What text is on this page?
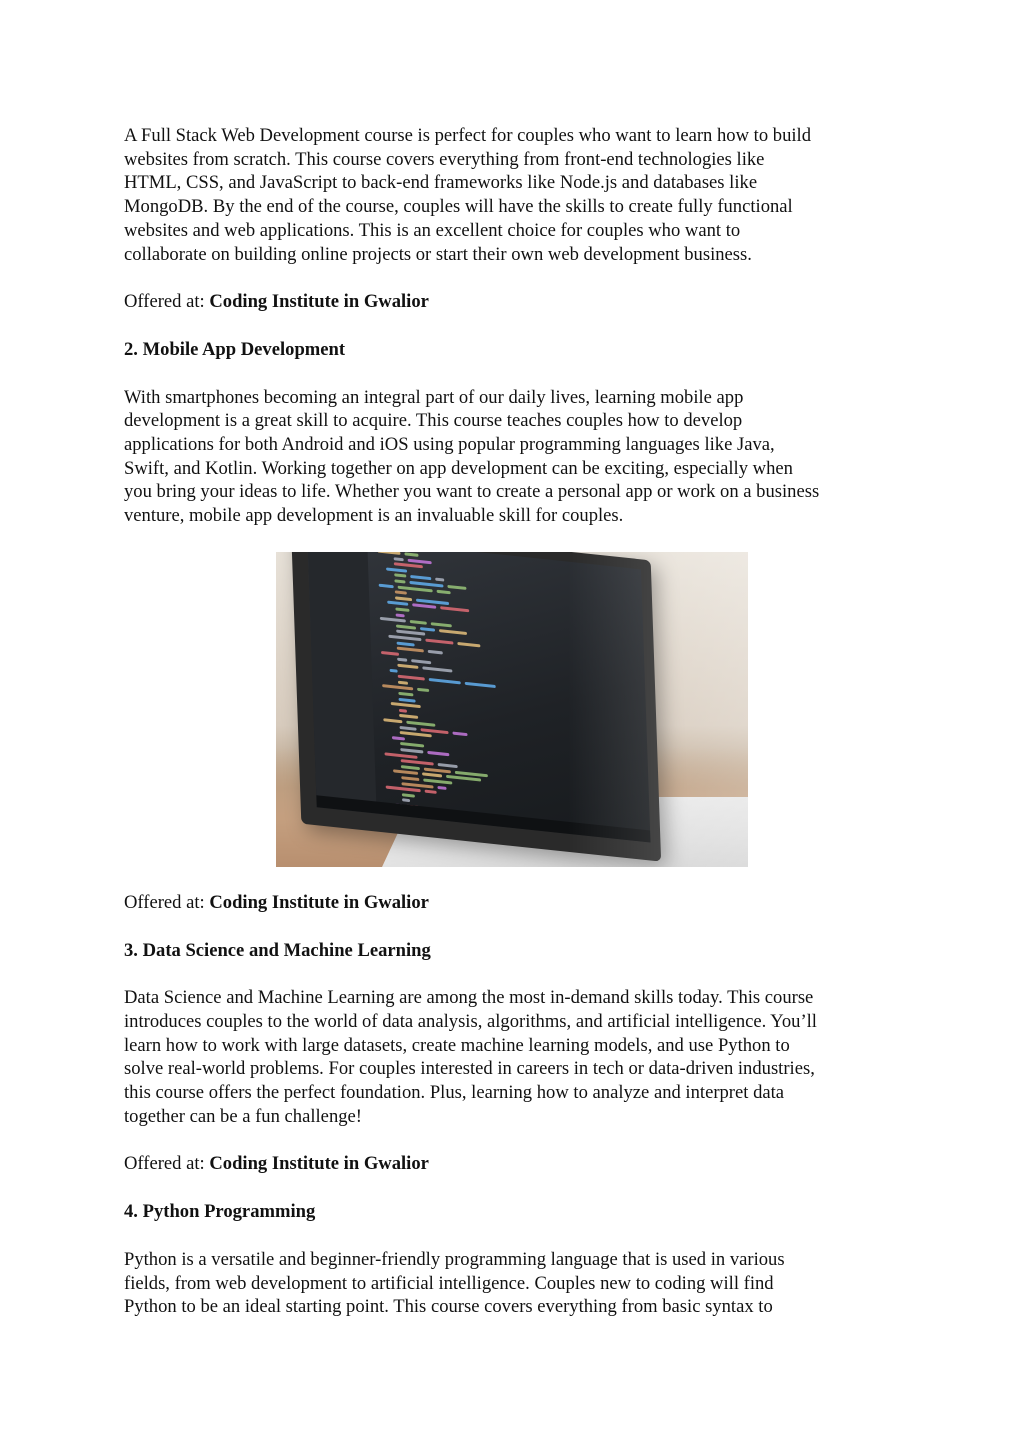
A Full Stack Web Development course is perfect for couples who want to learn how to build
websites from scratch. This course covers everything from front-end technologies like
HTML, CSS, and JavaScript to back-end frameworks like Node.js and databases like
MongoDB. By the end of the course, couples will have the skills to create fully functional
websites and web applications. This is an excellent choice for couples who want to
collaborate on building online projects or start their own web development business.

Offered at: Coding Institute in Gwalior

2. Mobile App Development

With smartphones becoming an integral part of our daily lives, learning mobile app
development is a great skill to acquire. This course teaches couples how to develop
applications for both Android and iOS using popular programming languages like Java,
Swift, and Kotlin. Working together on app development can be exciting, especially when
you bring your ideas to life. Whether you want to create a personal app or work on a business
venture, mobile app development is an invaluable skill for couples.

Offered at: Coding Institute in Gwalior

3. Data Science and Machine Learning

Data Science and Machine Learning are among the most in-demand skills today. This course
introduces couples to the world of data analysis, algorithms, and artificial intelligence. You’ll
learn how to work with large datasets, create machine learning models, and use Python to
solve real-world problems. For couples interested in careers in tech or data-driven industries,
this course offers the perfect foundation. Plus, learning how to analyze and interpret data
together can be a fun challenge!

Offered at: Coding Institute in Gwalior

4. Python Programming

Python is a versatile and beginner-friendly programming language that is used in various
fields, from web development to artificial intelligence. Couples new to coding will find
Python to be an ideal starting point. This course covers everything from basic syntax to
